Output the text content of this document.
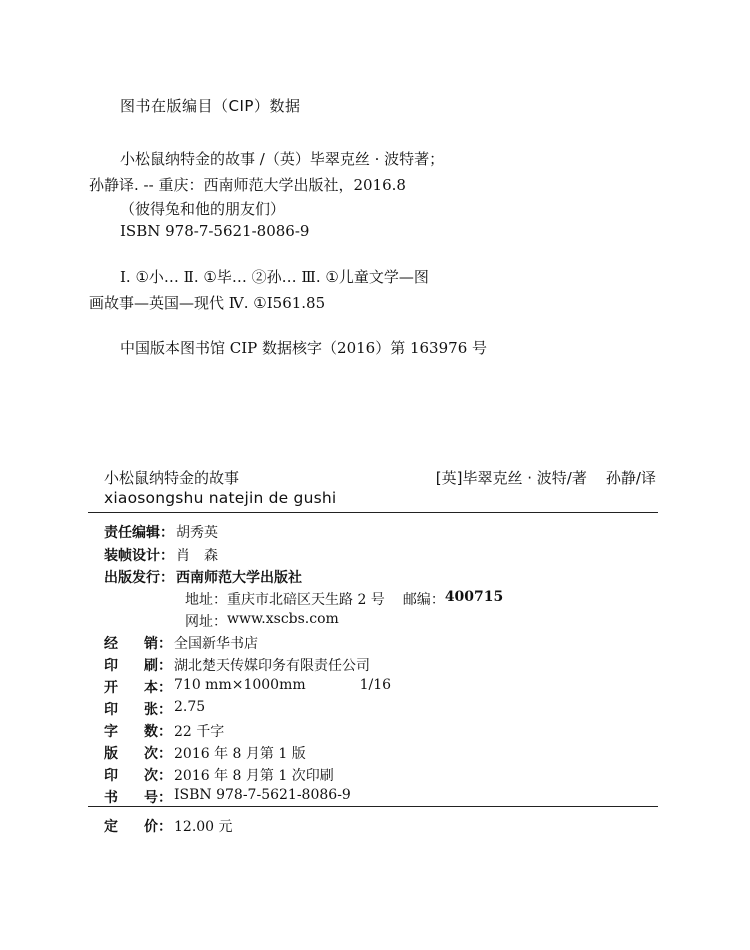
图书在版编目（CIP）数据
小松鼠纳特金的故事 /（英）毕翠克丝 · 波特著；
孙静译. -- 重庆：西南师范大学出版社，2016.8
（彼得兔和他的朋友们）
ISBN 978-7-5621-8086-9
Ⅰ. ①小… Ⅱ. ①毕… ②孙… Ⅲ. ①儿童文学—图
画故事—英国—现代 Ⅳ. ①I561.85
中国版本图书馆 CIP 数据核字（2016）第 163976 号
小松鼠纳特金的故事	[英]毕翠克丝 · 波特/著    孙静/译
xiaosongshu natejin de gushi
责任编辑： 胡秀英
装帧设计： 肖　森
出版发行： 西南师范大学出版社
地址： 重庆市北碚区天生路 2 号 邮编： 400715
网址： www.xscbs.com
经 销： 全国新华书店
印 刷： 湖北楚天传媒印务有限责任公司
开 本： 710 mm×1000mm	1/16
印 张： 2.75
字 数： 22 千字
版 次： 2016 年 8 月第 1 版
印 次： 2016 年 8 月第 1 次印刷
书 号： ISBN 978-7-5621-8086-9
定 价： 12.00 元
